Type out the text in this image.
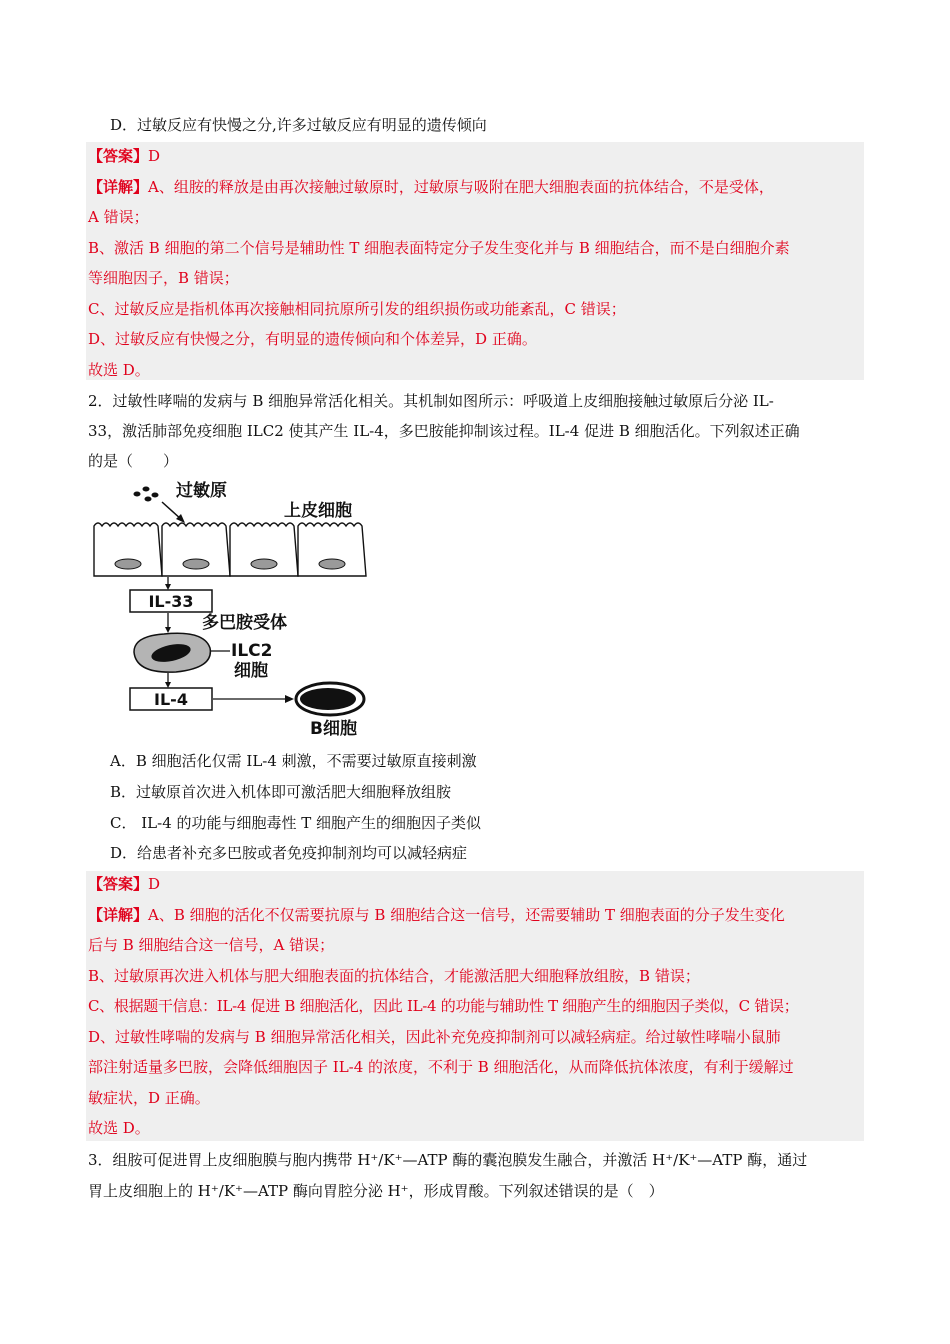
D．过敏反应有快慢之分,许多过敏反应有明显的遗传倾向
【答案】D
【详解】A、组胺的释放是由再次接触过敏原时，过敏原与吸附在肥大细胞表面的抗体结合，不是受体，
A 错误；
B、激活 B 细胞的第二个信号是辅助性 T 细胞表面特定分子发生变化并与 B 细胞结合，而不是白细胞介素
等细胞因子，B 错误；
C、过敏反应是指机体再次接触相同抗原所引发的组织损伤或功能紊乱，C 错误；
D、过敏反应有快慢之分，有明显的遗传倾向和个体差异，D 正确。
故选 D。
2．过敏性哮喘的发病与 B 细胞异常活化相关。其机制如图所示：呼吸道上皮细胞接触过敏原后分泌 IL-
33，激活肺部免疫细胞 ILC2 使其产生 IL-4，多巴胺能抑制该过程。IL-4 促进 B 细胞活化。下列叙述正确
的是（　　）
过敏原
上皮细胞
IL-33
多巴胺受体
ILC2
细胞
IL-4
B细胞
A．B 细胞活化仅需 IL-4 刺激，不需要过敏原直接刺激
B．过敏原首次进入机体即可激活肥大细胞释放组胺
C． IL-4 的功能与细胞毒性 T 细胞产生的细胞因子类似
D．给患者补充多巴胺或者免疫抑制剂均可以减轻病症
【答案】D
【详解】A、B 细胞的活化不仅需要抗原与 B 细胞结合这一信号，还需要辅助 T 细胞表面的分子发生变化
后与 B 细胞结合这一信号，A 错误；
B、过敏原再次进入机体与肥大细胞表面的抗体结合，才能激活肥大细胞释放组胺，B 错误；
C、根据题干信息：IL-4 促进 B 细胞活化，因此 IL-4 的功能与辅助性 T 细胞产生的细胞因子类似，C 错误；
D、过敏性哮喘的发病与 B 细胞异常活化相关，因此补充免疫抑制剂可以减轻病症。给过敏性哮喘小鼠肺
部注射适量多巴胺，会降低细胞因子 IL-4 的浓度，不利于 B 细胞活化，从而降低抗体浓度，有利于缓解过
敏症状，D 正确。
故选 D。
3．组胺可促进胃上皮细胞膜与胞内携带 H⁺/K⁺—ATP 酶的囊泡膜发生融合，并激活 H⁺/K⁺—ATP 酶，通过
胃上皮细胞上的 H⁺/K⁺—ATP 酶向胃腔分泌 H⁺，形成胃酸。下列叙述错误的是（　）
